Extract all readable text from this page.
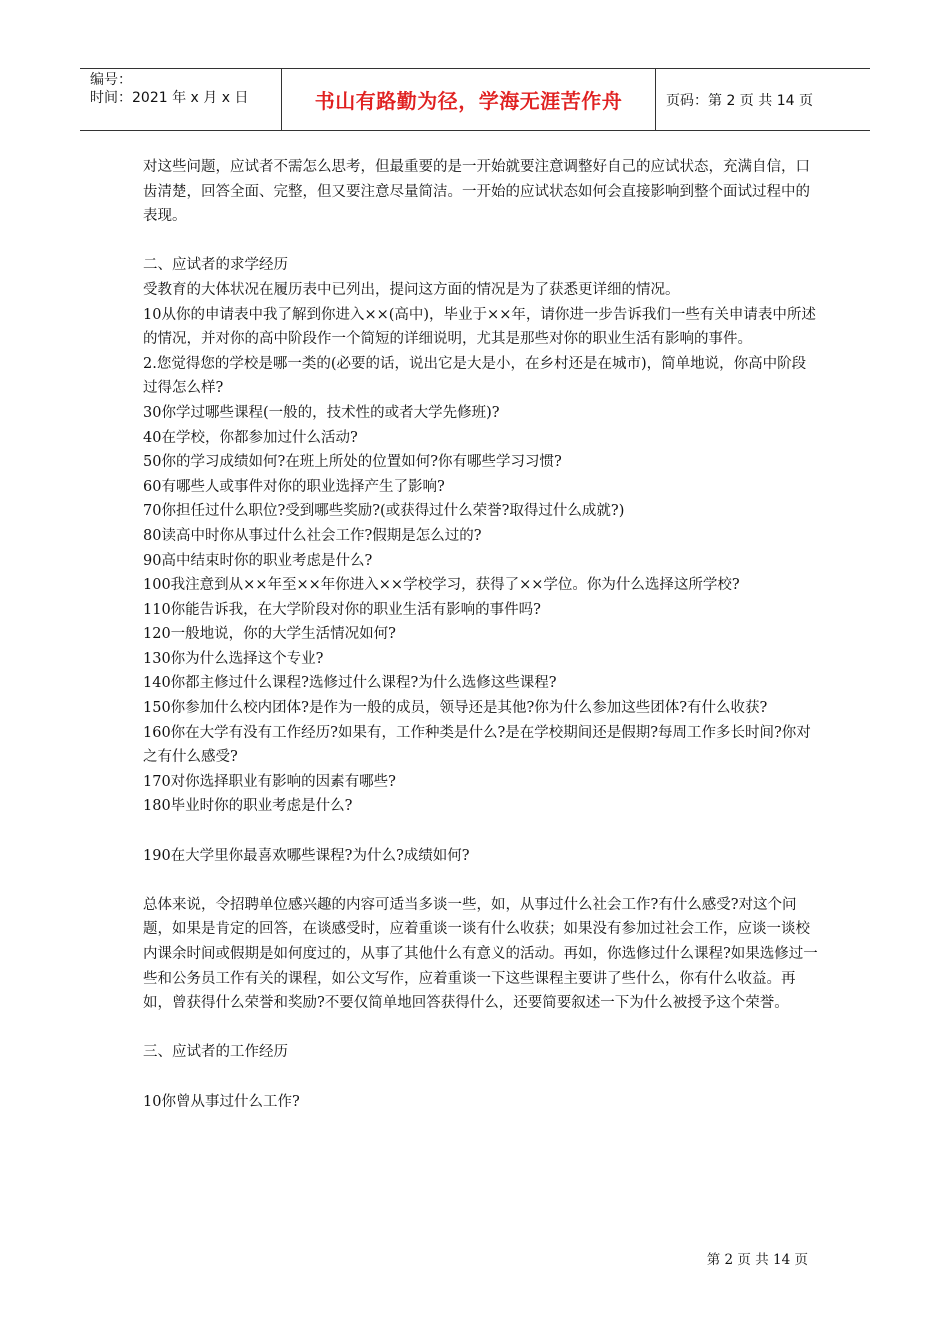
编号：
时间：2021 年 x 月 x 日	书山有路勤为径，学海无涯苦作舟	页码：第 2 页 共 14 页

对这些问题，应试者不需怎么思考，但最重要的是一开始就要注意调整好自己的应试状态，充满自信，口齿清楚，回答全面、完整，但又要注意尽量简洁。一开始的应试状态如何会直接影响到整个面试过程中的表现。

二、应试者的求学经历

受教育的大体状况在履历表中已列出，提问这方面的情况是为了获悉更详细的情况。

10从你的申请表中我了解到你进入××(高中)，毕业于××年，请你进一步告诉我们一些有关申请表中所述的情况，并对你的高中阶段作一个简短的详细说明，尤其是那些对你的职业生活有影响的事件。

2.您觉得您的学校是哪一类的(必要的话，说出它是大是小，在乡村还是在城市)，简单地说，你高中阶段过得怎么样?

30你学过哪些课程(一般的，技术性的或者大学先修班)?

40在学校，你都参加过什么活动?

50你的学习成绩如何?在班上所处的位置如何?你有哪些学习习惯?

60有哪些人或事件对你的职业选择产生了影响?

70你担任过什么职位?受到哪些奖励?(或获得过什么荣誉?取得过什么成就?)

80读高中时你从事过什么社会工作?假期是怎么过的?

90高中结束时你的职业考虑是什么?

100我注意到从××年至××年你进入××学校学习，获得了××学位。你为什么选择这所学校?

110你能告诉我，在大学阶段对你的职业生活有影响的事件吗?

120一般地说，你的大学生活情况如何?

130你为什么选择这个专业?

140你都主修过什么课程?选修过什么课程?为什么选修这些课程?

150你参加什么校内团体?是作为一般的成员，领导还是其他?你为什么参加这些团体?有什么收获?

160你在大学有没有工作经历?如果有，工作种类是什么?是在学校期间还是假期?每周工作多长时间?你对之有什么感受?

170对你选择职业有影响的因素有哪些?

180毕业时你的职业考虑是什么?

190在大学里你最喜欢哪些课程?为什么?成绩如何?

总体来说，令招聘单位感兴趣的内容可适当多谈一些，如，从事过什么社会工作?有什么感受?对这个问题，如果是肯定的回答，在谈感受时，应着重谈一谈有什么收获；如果没有参加过社会工作，应谈一谈校内课余时间或假期是如何度过的，从事了其他什么有意义的活动。再如，你选修过什么课程?如果选修过一些和公务员工作有关的课程，如公文写作，应着重谈一下这些课程主要讲了些什么，你有什么收益。再如，曾获得什么荣誉和奖励?不要仅简单地回答获得什么，还要简要叙述一下为什么被授予这个荣誉。

三、应试者的工作经历

10你曾从事过什么工作?

第 2 页 共 14 页
